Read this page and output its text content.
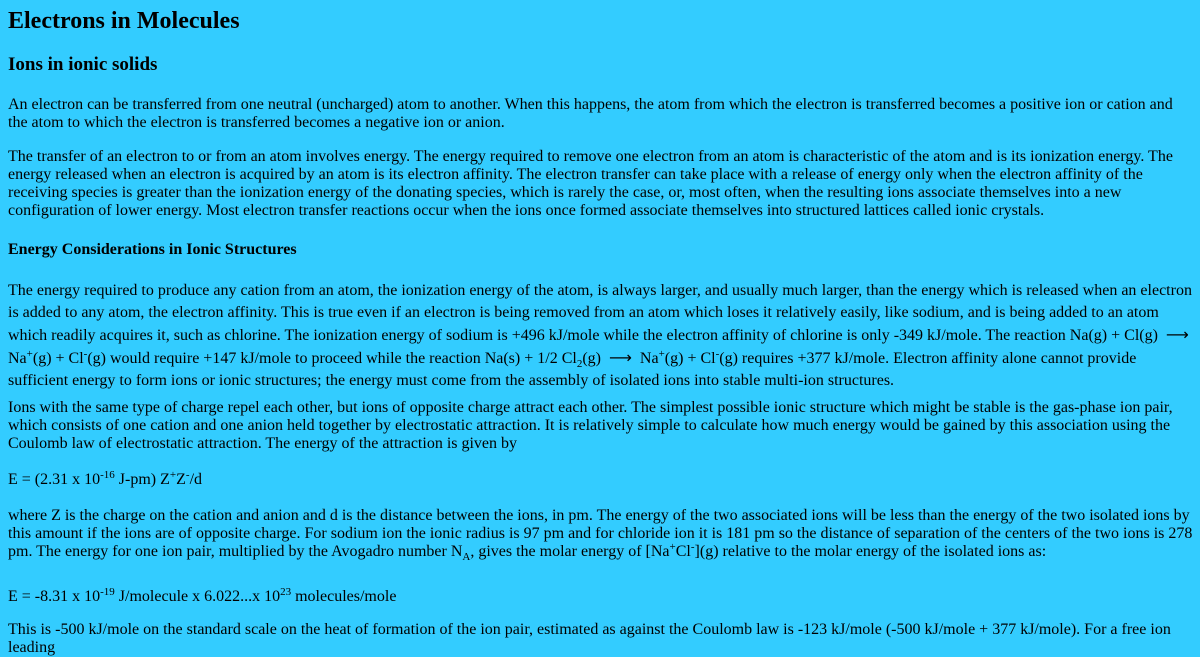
Electrons in Molecules
Ions in ionic solids

An electron can be transferred from one neutral (uncharged) atom to another. When this happens, the atom from which the electron is transferred becomes a positive ion or cation and the atom to which the electron is transferred becomes a negative ion or anion.

The transfer of an electron to or from an atom involves energy. The energy required to remove one electron from an atom is characteristic of the atom and is its ionization energy. The energy released when an electron is acquired by an atom is its electron affinity. The electron transfer can take place with a release of energy only when the electron affinity of the receiving species is greater than the ionization energy of the donating species, which is rarely the case, or, most often, when the resulting ions associate themselves into a new configuration of lower energy. Most electron transfer reactions occur when the ions once formed associate themselves into structured lattices called ionic crystals.

Energy Considerations in Ionic Structures

The energy required to produce any cation from an atom, the ionization energy of the atom, is always larger, and usually much larger, than the energy which is released when an electron is added to any atom, the electron affinity. This is true even if an electron is being removed from an atom which loses it relatively easily, like sodium, and is being added to an atom which readily acquires it, such as chlorine. The ionization energy of sodium is +496 kJ/mole while the electron affinity of chlorine is only -349 kJ/mole. The reaction Na(g) + Cl(g) ⟶ Na+(g) + Cl-(g) would require +147 kJ/mole to proceed while the reaction Na(s) + 1/2 $Cl_2(g)$ ⟶ Na+(g) + Cl-(g) requires +377 kJ/mole. Electron affinity alone cannot provide sufficient energy to form ions or ionic structures; the energy must come from the assembly of isolated ions into stable multi-ion structures.

Ions with the same type of charge repel each other, but ions of opposite charge attract each other. The simplest possible ionic structure which might be stable is the gas-phase ion pair, which consists of one cation and one anion held together by electrostatic attraction. It is relatively simple to calculate how much energy would be gained by this association using the Coulomb law of electrostatic attraction. The energy of the attraction is given by

E = (2.31 x $10^{-16}$ J-pm) Z+Z-/d

where Z is the charge on the cation and anion and d is the distance between the ions, in pm. The energy of the two associated ions will be less than the energy of the two isolated ions by this amount if the ions are of opposite charge. For sodium ion the ionic radius is 97 pm and for chloride ion it is 181 pm so the distance of separation of the centers of the two ions is 278 pm. The energy for one ion pair, multiplied by the Avogadro number $N_A$, gives the molar energy of [Na+Cl-](g) relative to the molar energy of the isolated ions as:

E = -8.31 x $10^{-19}$ J/molecule x 6.022...x $10^{23}$ molecules/mole

This is -500 kJ/mole on the standard scale on the heat of formation of the ion pair, estimated as against the Coulomb law is -123 kJ/mole (-500 kJ/mole + 377 kJ/mole). For a free ion leading
